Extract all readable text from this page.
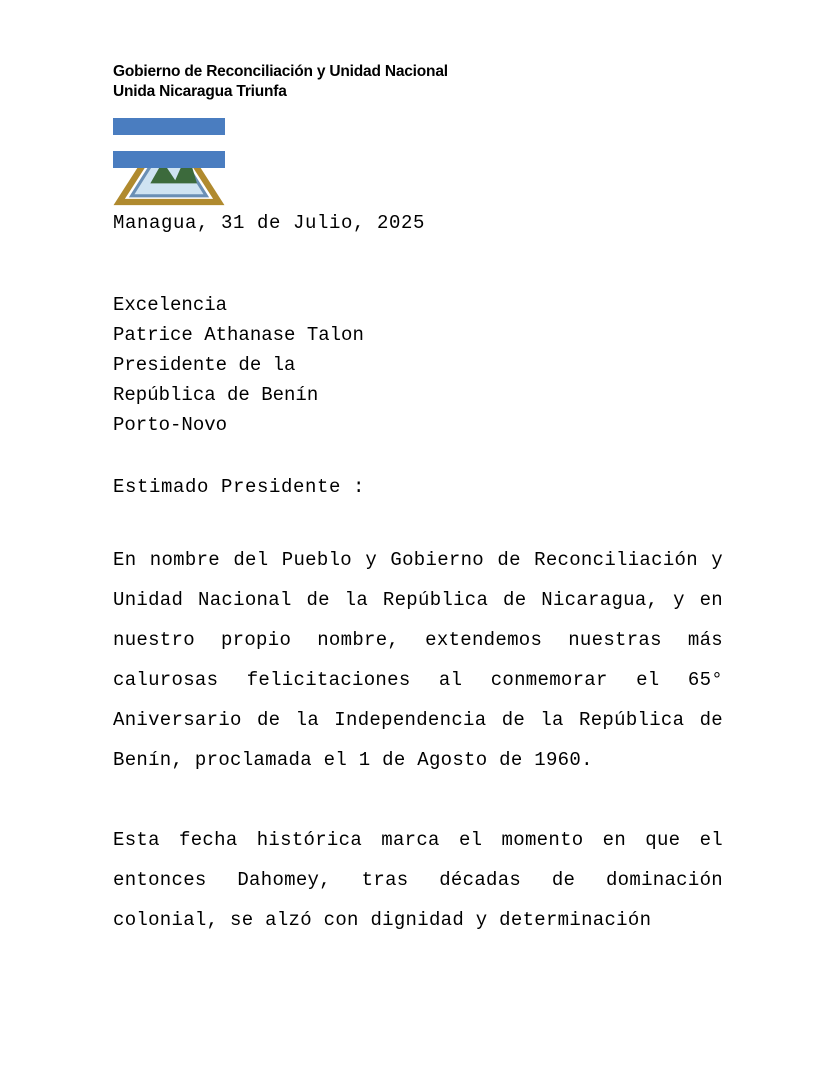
Gobierno de Reconciliación y Unidad Nacional
Unida Nicaragua Triunfa

Managua, 31 de Julio, 2025

Excelencia
Patrice Athanase Talon
Presidente de la
República de Benín
Porto-Novo

Estimado Presidente :

En nombre del Pueblo y Gobierno de Reconciliación y Unidad Nacional de la República de Nicaragua, y en nuestro propio nombre, extendemos nuestras más calurosas felicitaciones al conmemorar el 65° Aniversario de la Independencia de la República de Benín, proclamada el 1 de Agosto de 1960.

Esta fecha histórica marca el momento en que el entonces Dahomey, tras décadas de dominación colonial, se alzó con dignidad y determinación
